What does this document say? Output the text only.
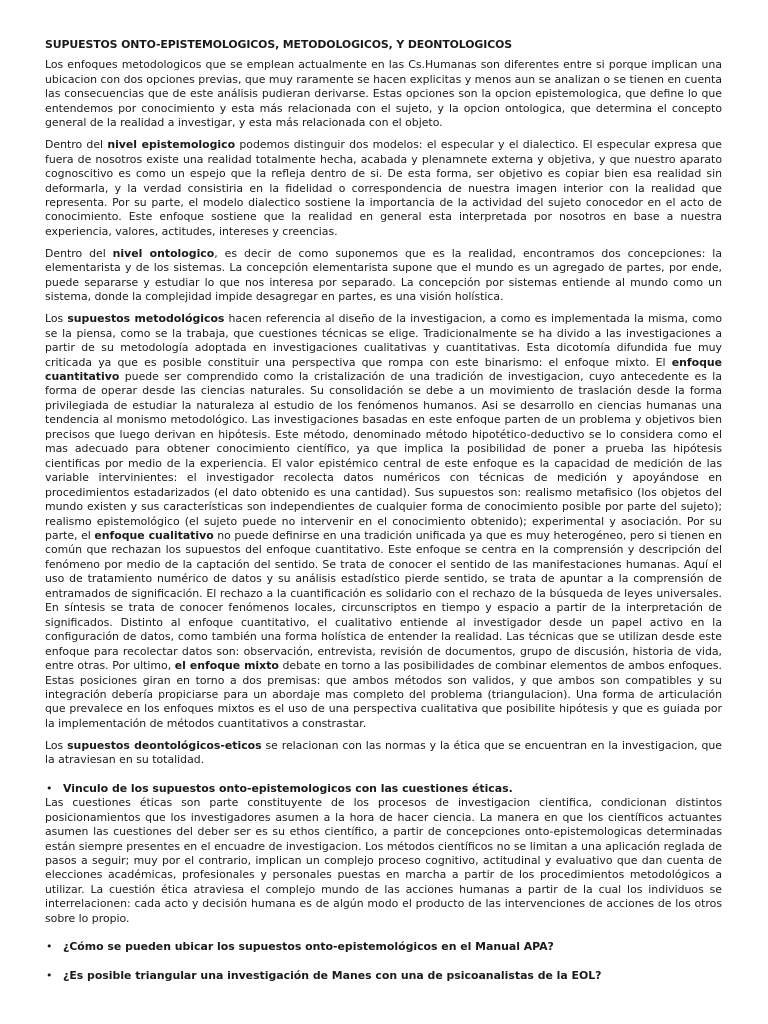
SUPUESTOS ONTO-EPISTEMOLOGICOS, METODOLOGICOS, Y DEONTOLOGICOS

Los enfoques metodologicos que se emplean actualmente en las Cs.Humanas son diferentes entre si porque implican una ubicacion con dos opciones previas, que muy raramente se hacen explicitas y menos aun se analizan o se tienen en cuenta las consecuencias que de este análisis pudieran derivarse. Estas opciones son la opcion epistemologica, que define lo que entendemos por conocimiento y esta más relacionada con el sujeto, y la opcion ontologica, que determina el concepto general de la realidad a investigar, y esta más relacionada con el objeto.

Dentro del nivel epistemologico podemos distinguir dos modelos: el especular y el dialectico. El especular expresa que fuera de nosotros existe una realidad totalmente hecha, acabada y plenamnete externa y objetiva, y que nuestro aparato cognoscitivo es como un espejo que la refleja dentro de si. De esta forma, ser objetivo es copiar bien esa realidad sin deformarla, y la verdad consistiria en la fidelidad o correspondencia de nuestra imagen interior con la realidad que representa. Por su parte, el modelo dialectico sostiene la importancia de la actividad del sujeto conocedor en el acto de conocimiento. Este enfoque sostiene que la realidad en general esta interpretada por nosotros en base a nuestra experiencia, valores, actitudes, intereses y creencias.

Dentro del nivel ontologico, es decir de como suponemos que es la realidad, encontramos dos concepciones: la elementarista y de los sistemas. La concepción elementarista supone que el mundo es un agregado de partes, por ende, puede separarse y estudiar lo que nos interesa por separado. La concepción por sistemas entiende al mundo como un sistema, donde la complejidad impide desagregar en partes, es una visión holística.

Los supuestos metodológicos hacen referencia al diseño de la investigacion, a como es implementada la misma, como se la piensa, como se la trabaja, que cuestiones técnicas se elige. Tradicionalmente se ha divido a las investigaciones a partir de su metodología adoptada en investigaciones cualitativas y cuantitativas. Esta dicotomía difundida fue muy criticada ya que es posible constituir una perspectiva que rompa con este binarismo: el enfoque mixto. El enfoque cuantitativo puede ser comprendido como la cristalización de una tradición de investigacion, cuyo antecedente es la forma de operar desde las ciencias naturales. Su consolidación se debe a un movimiento de traslación desde la forma privilegiada de estudiar la naturaleza al estudio de los fenómenos humanos. Asi se desarrollo en ciencias humanas una tendencia al monismo metodológico. Las investigaciones basadas en este enfoque parten de un problema y objetivos bien precisos que luego derivan en hipótesis. Este método, denominado método hipotético-deductivo se lo considera como el mas adecuado para obtener conocimiento científico, ya que implica la posibilidad de poner a prueba las hipótesis cientificas por medio de la experiencia. El valor epistémico central de este enfoque es la capacidad de medición de las variable intervinientes: el investigador recolecta datos numéricos con técnicas de medición y apoyándose en procedimientos estadarizados (el dato obtenido es una cantidad). Sus supuestos son: realismo metafisico (los objetos del mundo existen y sus características son independientes de cualquier forma de conocimiento posible por parte del sujeto); realismo epistemológico (el sujeto puede no intervenir en el conocimiento obtenido); experimental y asociación. Por su parte, el enfoque cualitativo no puede definirse en una tradición unificada ya que es muy heterogéneo, pero si tienen en común que rechazan los supuestos del enfoque cuantitativo. Este enfoque se centra en la comprensión y descripción del fenómeno por medio de la captación del sentido. Se trata de conocer el sentido de las manifestaciones humanas. Aquí el uso de tratamiento numérico de datos y su análisis estadístico pierde sentido, se trata de apuntar a la comprensión de entramados de significación. El rechazo a la cuantificación es solidario con el rechazo de la búsqueda de leyes universales. En síntesis se trata de conocer fenómenos locales, circunscriptos en tiempo y espacio a partir de la interpretación de significados. Distinto al enfoque cuantitativo, el cualitativo entiende al investigador desde un papel activo en la configuración de datos, como también una forma holística de entender la realidad. Las técnicas que se utilizan desde este enfoque para recolectar datos son: observación, entrevista, revisión de documentos, grupo de discusión, historia de vida, entre otras. Por ultimo, el enfoque mixto debate en torno a las posibilidades de combinar elementos de ambos enfoques. Estas posiciones giran en torno a dos premisas: que ambos métodos son validos, y que ambos son compatibles y su integración debería propiciarse para un abordaje mas completo del problema (triangulacion). Una forma de articulación que prevalece en los enfoques mixtos es el uso de una perspectiva cualitativa que posibilite hipótesis y que es guiada por la implementación de métodos cuantitativos a constrastar.

Los supuestos deontológicos-eticos se relacionan con las normas y la ética que se encuentran en la investigacion, que la atraviesan en su totalidad.

• Vinculo de los supuestos onto-epistemologicos con las cuestiones éticas.

Las cuestiones éticas son parte constituyente de los procesos de investigacion cientifica, condicionan distintos posicionamientos que los investigadores asumen a la hora de hacer ciencia. La manera en que los científicos actuantes asumen las cuestiones del deber ser es su ethos científico, a partir de concepciones onto-epistemologicas determinadas están siempre presentes en el encuadre de investigacion. Los métodos científicos no se limitan a una aplicación reglada de pasos a seguir; muy por el contrario, implican un complejo proceso cognitivo, actitudinal y evaluativo que dan cuenta de elecciones académicas, profesionales y personales puestas en marcha a partir de los procedimientos metodológicos a utilizar. La cuestión ética atraviesa el complejo mundo de las acciones humanas a partir de la cual los individuos se interrelacionen: cada acto y decisión humana es de algún modo el producto de las intervenciones de acciones de los otros sobre lo propio.

• ¿Cómo se pueden ubicar los supuestos onto-epistemológicos en el Manual APA?
• ¿Es posible triangular una investigación de Manes con una de psicoanalistas de la EOL?
